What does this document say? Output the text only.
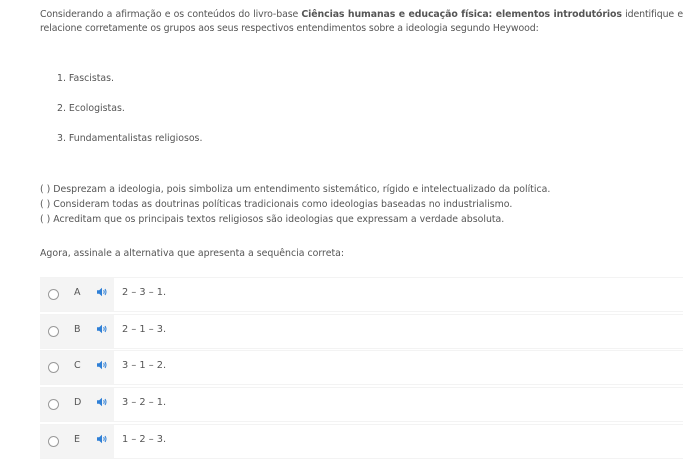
Considerando a afirmação e os conteúdos do livro-base Ciências humanas e educação física: elementos introdutórios identifique e relacione corretamente os grupos aos seus respectivos entendimentos sobre a ideologia segundo Heywood:
1. Fascistas.
2. Ecologistas.
3. Fundamentalistas religiosos.
( ) Desprezam a ideologia, pois simboliza um entendimento sistemático, rígido e intelectualizado da política.
( ) Consideram todas as doutrinas políticas tradicionais como ideologias baseadas no industrialismo.
( ) Acreditam que os principais textos religiosos são ideologias que expressam a verdade absoluta.
Agora, assinale a alternativa que apresenta a sequência correta:
A	2 – 3 – 1.
B	2 – 1 – 3.
C	3 – 1 – 2.
D	3 – 2 – 1.
E	1 – 2 – 3.
